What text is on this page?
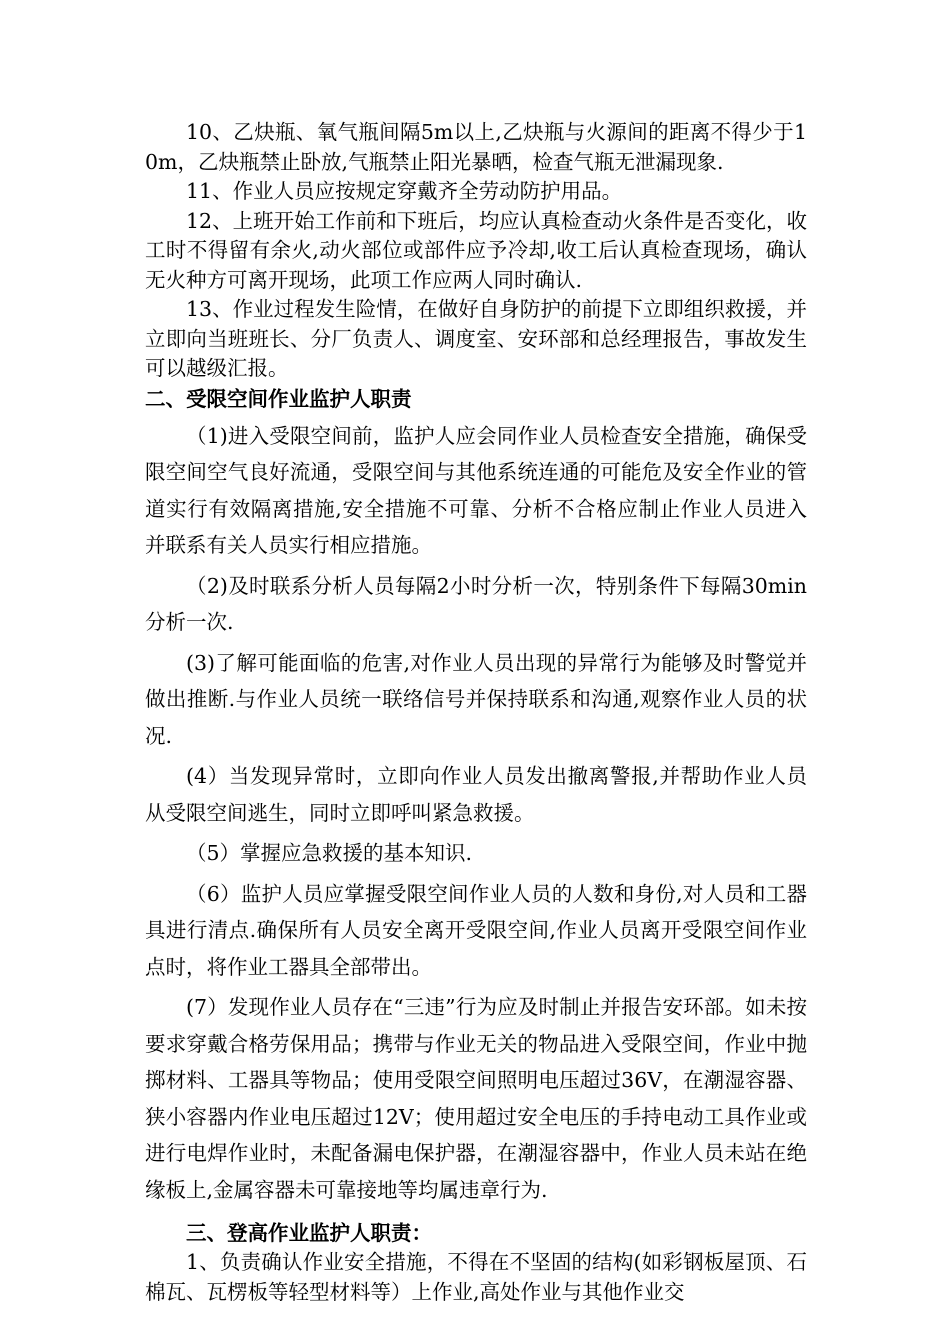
10、乙炔瓶、氧气瓶间隔5m以上,乙炔瓶与火源间的距离不得少于10m，乙炔瓶禁止卧放,气瓶禁止阳光暴晒，检查气瓶无泄漏现象.

11、作业人员应按规定穿戴齐全劳动防护用品。

12、上班开始工作前和下班后，均应认真检查动火条件是否变化，收工时不得留有余火,动火部位或部件应予冷却,收工后认真检查现场，确认无火种方可离开现场，此项工作应两人同时确认.

13、作业过程发生险情，在做好自身防护的前提下立即组织救援，并立即向当班班长、分厂负责人、调度室、安环部和总经理报告，事故发生可以越级汇报。

二、受限空间作业监护人职责

（1)进入受限空间前，监护人应会同作业人员检查安全措施，确保受限空间空气良好流通，受限空间与其他系统连通的可能危及安全作业的管道实行有效隔离措施,安全措施不可靠、分析不合格应制止作业人员进入并联系有关人员实行相应措施。

（2)及时联系分析人员每隔2小时分析一次，特别条件下每隔30min分析一次.

(3)了解可能面临的危害,对作业人员出现的异常行为能够及时警觉并做出推断.与作业人员统一联络信号并保持联系和沟通,观察作业人员的状况.

(4）当发现异常时，立即向作业人员发出撤离警报,并帮助作业人员从受限空间逃生，同时立即呼叫紧急救援。

（5）掌握应急救援的基本知识.

（6）监护人员应掌握受限空间作业人员的人数和身份,对人员和工器具进行清点.确保所有人员安全离开受限空间,作业人员离开受限空间作业点时，将作业工器具全部带出。

(7）发现作业人员存在“三违”行为应及时制止并报告安环部。如未按要求穿戴合格劳保用品；携带与作业无关的物品进入受限空间，作业中抛掷材料、工器具等物品；使用受限空间照明电压超过36V，在潮湿容器、狭小容器内作业电压超过12V；使用超过安全电压的手持电动工具作业或进行电焊作业时，未配备漏电保护器，在潮湿容器中，作业人员未站在绝缘板上,金属容器未可靠接地等均属违章行为.

三、登高作业监护人职责：

1、负责确认作业安全措施，不得在不坚固的结构(如彩钢板屋顶、石棉瓦、瓦楞板等轻型材料等）上作业,高处作业与其他作业交
